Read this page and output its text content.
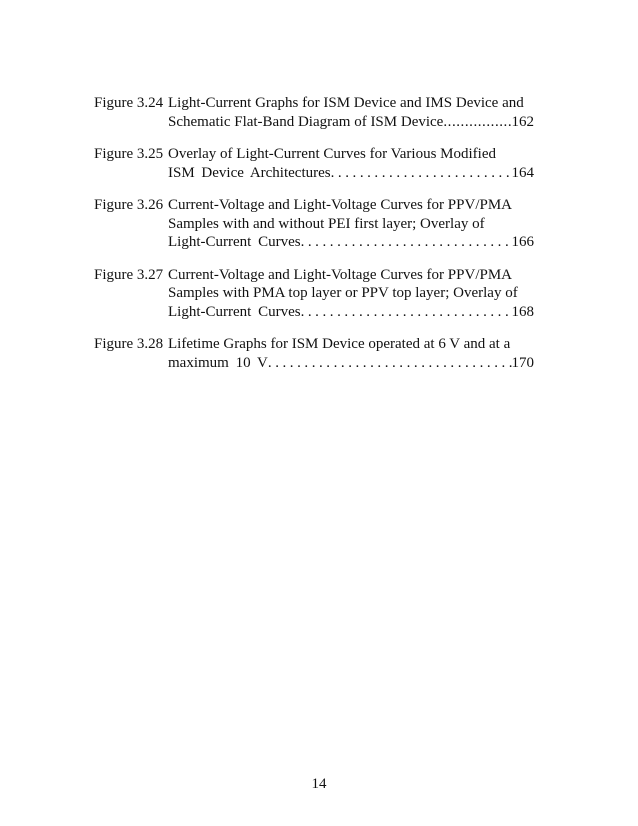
Figure 3.24 Light-Current Graphs for ISM Device and IMS Device and
Schematic Flat-Band Diagram of ISM Device . . .	162
Figure 3.25 Overlay of Light-Current Curves for Various Modified
ISM Device Architectures . . .	164
Figure 3.26 Current-Voltage and Light-Voltage Curves for PPV/PMA
Samples with and without PEI first layer; Overlay of
Light-Current Curves . . .	166
Figure 3.27 Current-Voltage and Light-Voltage Curves for PPV/PMA
Samples with PMA top layer or PPV top layer; Overlay of
Light-Current Curves . . .	168
Figure 3.28 Lifetime Graphs for ISM Device operated at 6 V and at a
maximum 10 V . . .	170
14
